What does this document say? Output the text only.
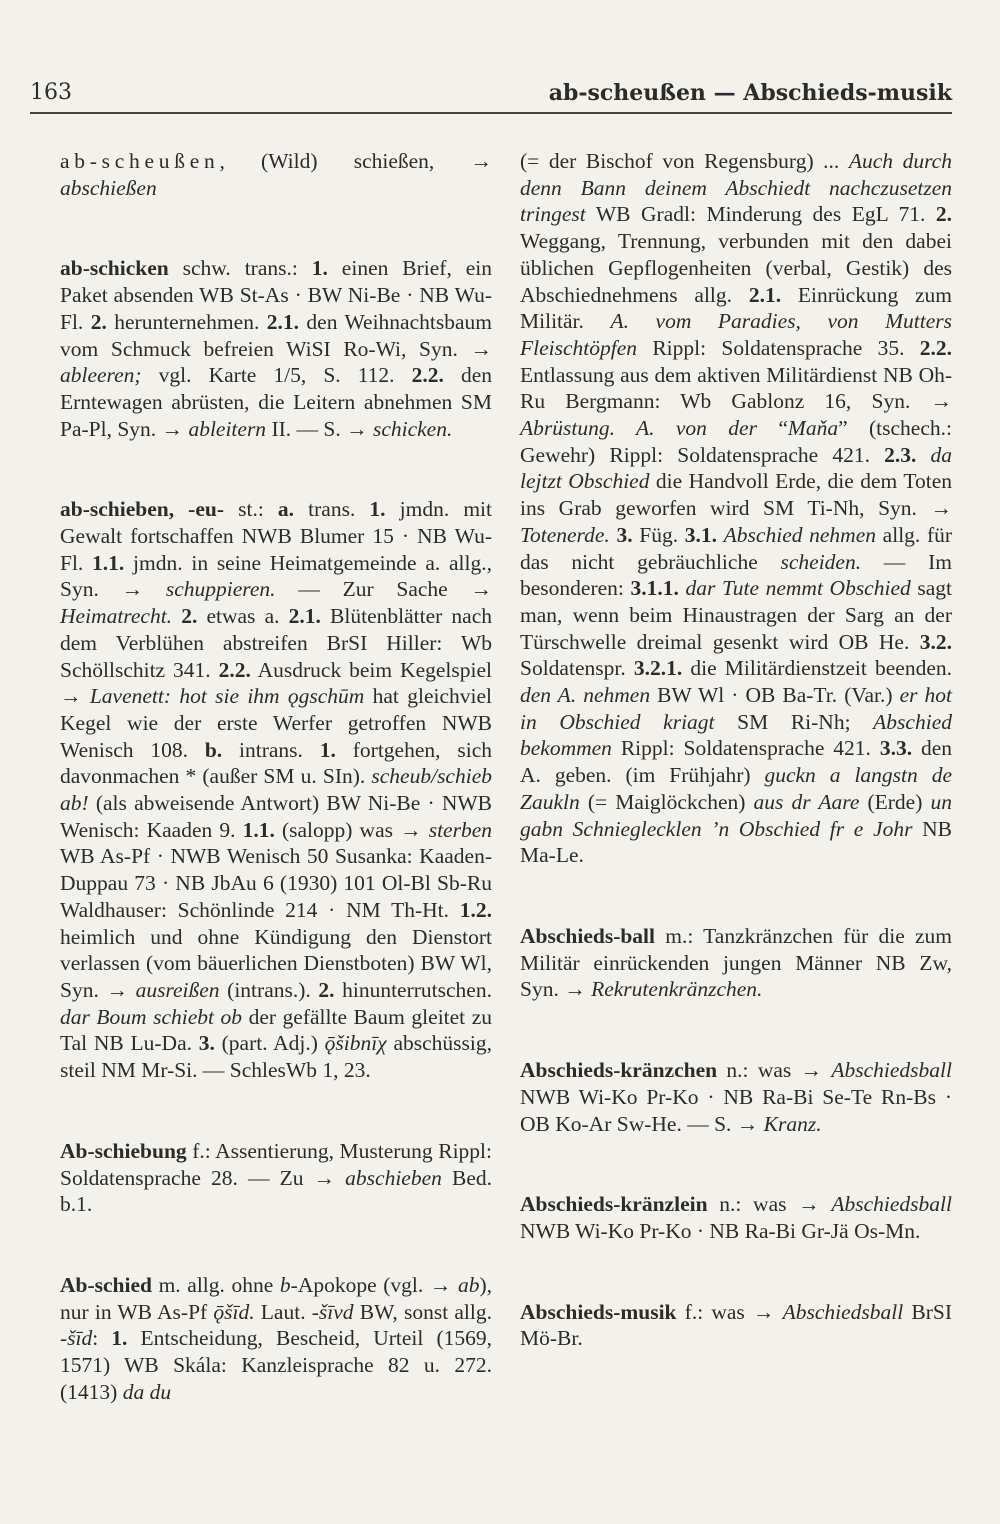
163	ab-scheußen — Abschieds-musik

ab-scheußen, (Wild) schießen, → abschießen

ab-schicken schw. trans.: 1. einen Brief, ein Paket absenden WB St-As · BW Ni-Be · NB Wu-Fl. 2. herunternehmen. 2.1. den Weihnachtsbaum vom Schmuck befreien WiSI Ro-Wi, Syn. → ableeren; vgl. Karte 1/5, S. 112. 2.2. den Erntewagen abrüsten, die Leitern abnehmen SM Pa-Pl, Syn. → ableitern II. — S. → schicken.

ab-schieben, -eu- st.: a. trans. 1. jmdn. mit Gewalt fortschaffen NWB Blumer 15 · NB Wu-Fl. 1.1. jmdn. in seine Heimatgemeinde a. allg., Syn. → schuppieren. — Zur Sache → Heimatrecht. 2. etwas a. 2.1. Blütenblätter nach dem Verblühen abstreifen BrSI Hiller: Wb Schöllschitz 341. 2.2. Ausdruck beim Kegelspiel → Lavenett: hot sie ihm ǫgschūm hat gleichviel Kegel wie der erste Werfer getroffen NWB Wenisch 108. b. intrans. 1. fortgehen, sich davonmachen * (außer SM u. SIn). scheub/schieb ab! (als abweisende Antwort) BW Ni-Be · NWB Wenisch: Kaaden 9. 1.1. (salopp) was → sterben WB As-Pf · NWB Wenisch 50 Susanka: Kaaden-Duppau 73 · NB JbAu 6 (1930) 101 Ol-Bl Sb-Ru Waldhauser: Schönlinde 214 · NM Th-Ht. 1.2. heimlich und ohne Kündigung den Dienstort verlassen (vom bäuerlichen Dienstboten) BW Wl, Syn. → ausreißen (intrans.). 2. hinunterrutschen. dar Boum schiebt ob der gefällte Baum gleitet zu Tal NB Lu-Da. 3. (part. Adj.) ǭšibnīχ abschüssig, steil NM Mr-Si. — SchlesWb 1, 23.

Ab-schiebung f.: Assentierung, Musterung Rippl: Soldatensprache 28. — Zu → abschieben Bed. b.1.

Ab-schied m. allg. ohne b-Apokope (vgl. → ab), nur in WB As-Pf ǭšīd. Laut. -šīvd BW, sonst allg. -šīd: 1. Entscheidung, Bescheid, Urteil (1569, 1571) WB Skála: Kanzleisprache 82 u. 272. (1413) da du

(= der Bischof von Regensburg) ... Auch durch denn Bann deinem Abschiedt nachczusetzen tringest WB Gradl: Minderung des EgL 71. 2. Weggang, Trennung, verbunden mit den dabei üblichen Gepflogenheiten (verbal, Gestik) des Abschiednehmens allg. 2.1. Einrückung zum Militär. A. vom Paradies, von Mutters Fleischtöpfen Rippl: Soldatensprache 35. 2.2. Entlassung aus dem aktiven Militärdienst NB Oh-Ru Bergmann: Wb Gablonz 16, Syn. → Abrüstung. A. von der “Maňa” (tschech.: Gewehr) Rippl: Soldatensprache 421. 2.3. da lejtzt Obschied die Handvoll Erde, die dem Toten ins Grab geworfen wird SM Ti-Nh, Syn. → Totenerde. 3. Füg. 3.1. Abschied nehmen allg. für das nicht gebräuchliche scheiden. — Im besonderen: 3.1.1. dar Tute nemmt Obschied sagt man, wenn beim Hinaustragen der Sarg an der Türschwelle dreimal gesenkt wird OB He. 3.2. Soldatenspr. 3.2.1. die Militärdienstzeit beenden. den A. nehmen BW Wl · OB Ba-Tr. (Var.) er hot in Obschied kriagt SM Ri-Nh; Abschied bekommen Rippl: Soldatensprache 421. 3.3. den A. geben. (im Frühjahr) guckn a langstn de Zaukln (= Maiglöckchen) aus dr Aare (Erde) un gabn Schnieglecklen ’n Obschied fr e Johr NB Ma-Le.

Abschieds-ball m.: Tanzkränzchen für die zum Militär einrückenden jungen Männer NB Zw, Syn. → Rekrutenkränzchen.

Abschieds-kränzchen n.: was → Abschiedsball NWB Wi-Ko Pr-Ko · NB Ra-Bi Se-Te Rn-Bs · OB Ko-Ar Sw-He. — S. → Kranz.

Abschieds-kränzlein n.: was → Abschiedsball NWB Wi-Ko Pr-Ko · NB Ra-Bi Gr-Jä Os-Mn.

Abschieds-musik f.: was → Abschiedsball BrSI Mö-Br.
